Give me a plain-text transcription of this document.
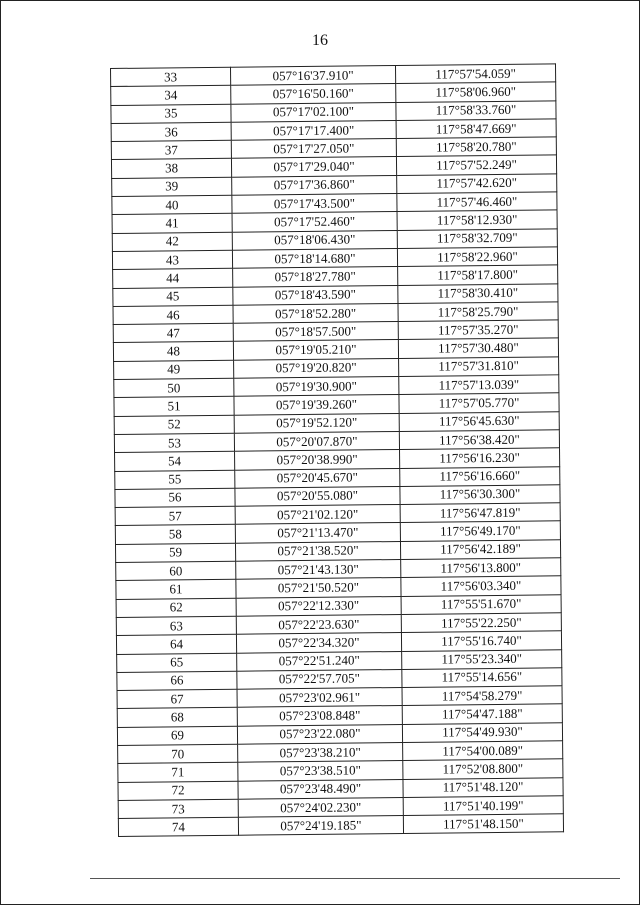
16
33	057°16'37.910"	117°57'54.059"
34	057°16'50.160"	117°58'06.960"
35	057°17'02.100"	117°58'33.760"
36	057°17'17.400"	117°58'47.669"
37	057°17'27.050"	117°58'20.780"
38	057°17'29.040"	117°57'52.249"
39	057°17'36.860"	117°57'42.620"
40	057°17'43.500"	117°57'46.460"
41	057°17'52.460"	117°58'12.930"
42	057°18'06.430"	117°58'32.709"
43	057°18'14.680"	117°58'22.960"
44	057°18'27.780"	117°58'17.800"
45	057°18'43.590"	117°58'30.410"
46	057°18'52.280"	117°58'25.790"
47	057°18'57.500"	117°57'35.270"
48	057°19'05.210"	117°57'30.480"
49	057°19'20.820"	117°57'31.810"
50	057°19'30.900"	117°57'13.039"
51	057°19'39.260"	117°57'05.770"
52	057°19'52.120"	117°56'45.630"
53	057°20'07.870"	117°56'38.420"
54	057°20'38.990"	117°56'16.230"
55	057°20'45.670"	117°56'16.660"
56	057°20'55.080"	117°56'30.300"
57	057°21'02.120"	117°56'47.819"
58	057°21'13.470"	117°56'49.170"
59	057°21'38.520"	117°56'42.189"
60	057°21'43.130"	117°56'13.800"
61	057°21'50.520"	117°56'03.340"
62	057°22'12.330"	117°55'51.670"
63	057°22'23.630"	117°55'22.250"
64	057°22'34.320"	117°55'16.740"
65	057°22'51.240"	117°55'23.340"
66	057°22'57.705"	117°55'14.656"
67	057°23'02.961"	117°54'58.279"
68	057°23'08.848"	117°54'47.188"
69	057°23'22.080"	117°54'49.930"
70	057°23'38.210"	117°54'00.089"
71	057°23'38.510"	117°52'08.800"
72	057°23'48.490"	117°51'48.120"
73	057°24'02.230"	117°51'40.199"
74	057°24'19.185"	117°51'48.150"
